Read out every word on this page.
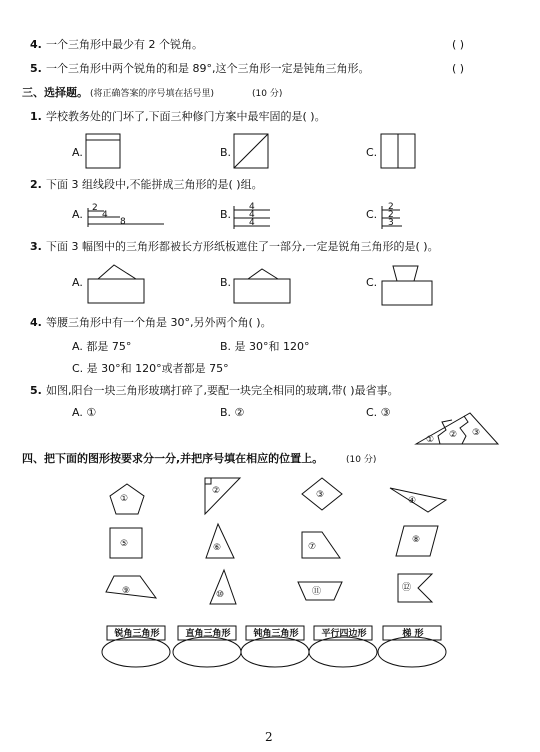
4. 一个三角形中最少有 2 个锐角。	( )
5. 一个三角形中两个锐角的和是 89°,这个三角形一定是钝角三角形。	( )
三、选择题。 (将正确答案的序号填在括号里)	(10 分)
1. 学校教务处的门坏了,下面三种修门方案中最牢固的是( )。
A.	B.	C.
2. 下面 3 组线段中,不能拼成三角形的是( )组。
A.	B.	C.
2
4
8
4
4
4
2
2
3
3. 下面 3 幅图中的三角形都被长方形纸板遮住了一部分,一定是锐角三角形的是( )。
A.	B.	C.
4. 等腰三角形中有一个角是 30°,另外两个角( )。
A. 都是 75°	B. 是 30°和 120°
C. 是 30°和 120°或者都是 75°
5. 如图,阳台一块三角形玻璃打碎了,要配一块完全相同的玻璃,带( )最省事。
A. ①	B. ②	C. ③
① ② ③
四、把下面的图形按要求分一分,并把序号填在相应的位置上。	(10 分)
①
②	③
④
⑤	⑥	⑦
⑧
⑨	⑩	⑪	⑫
锐角三角形	直角三角形	钝角三角形	平行四边形	梯 形
2
